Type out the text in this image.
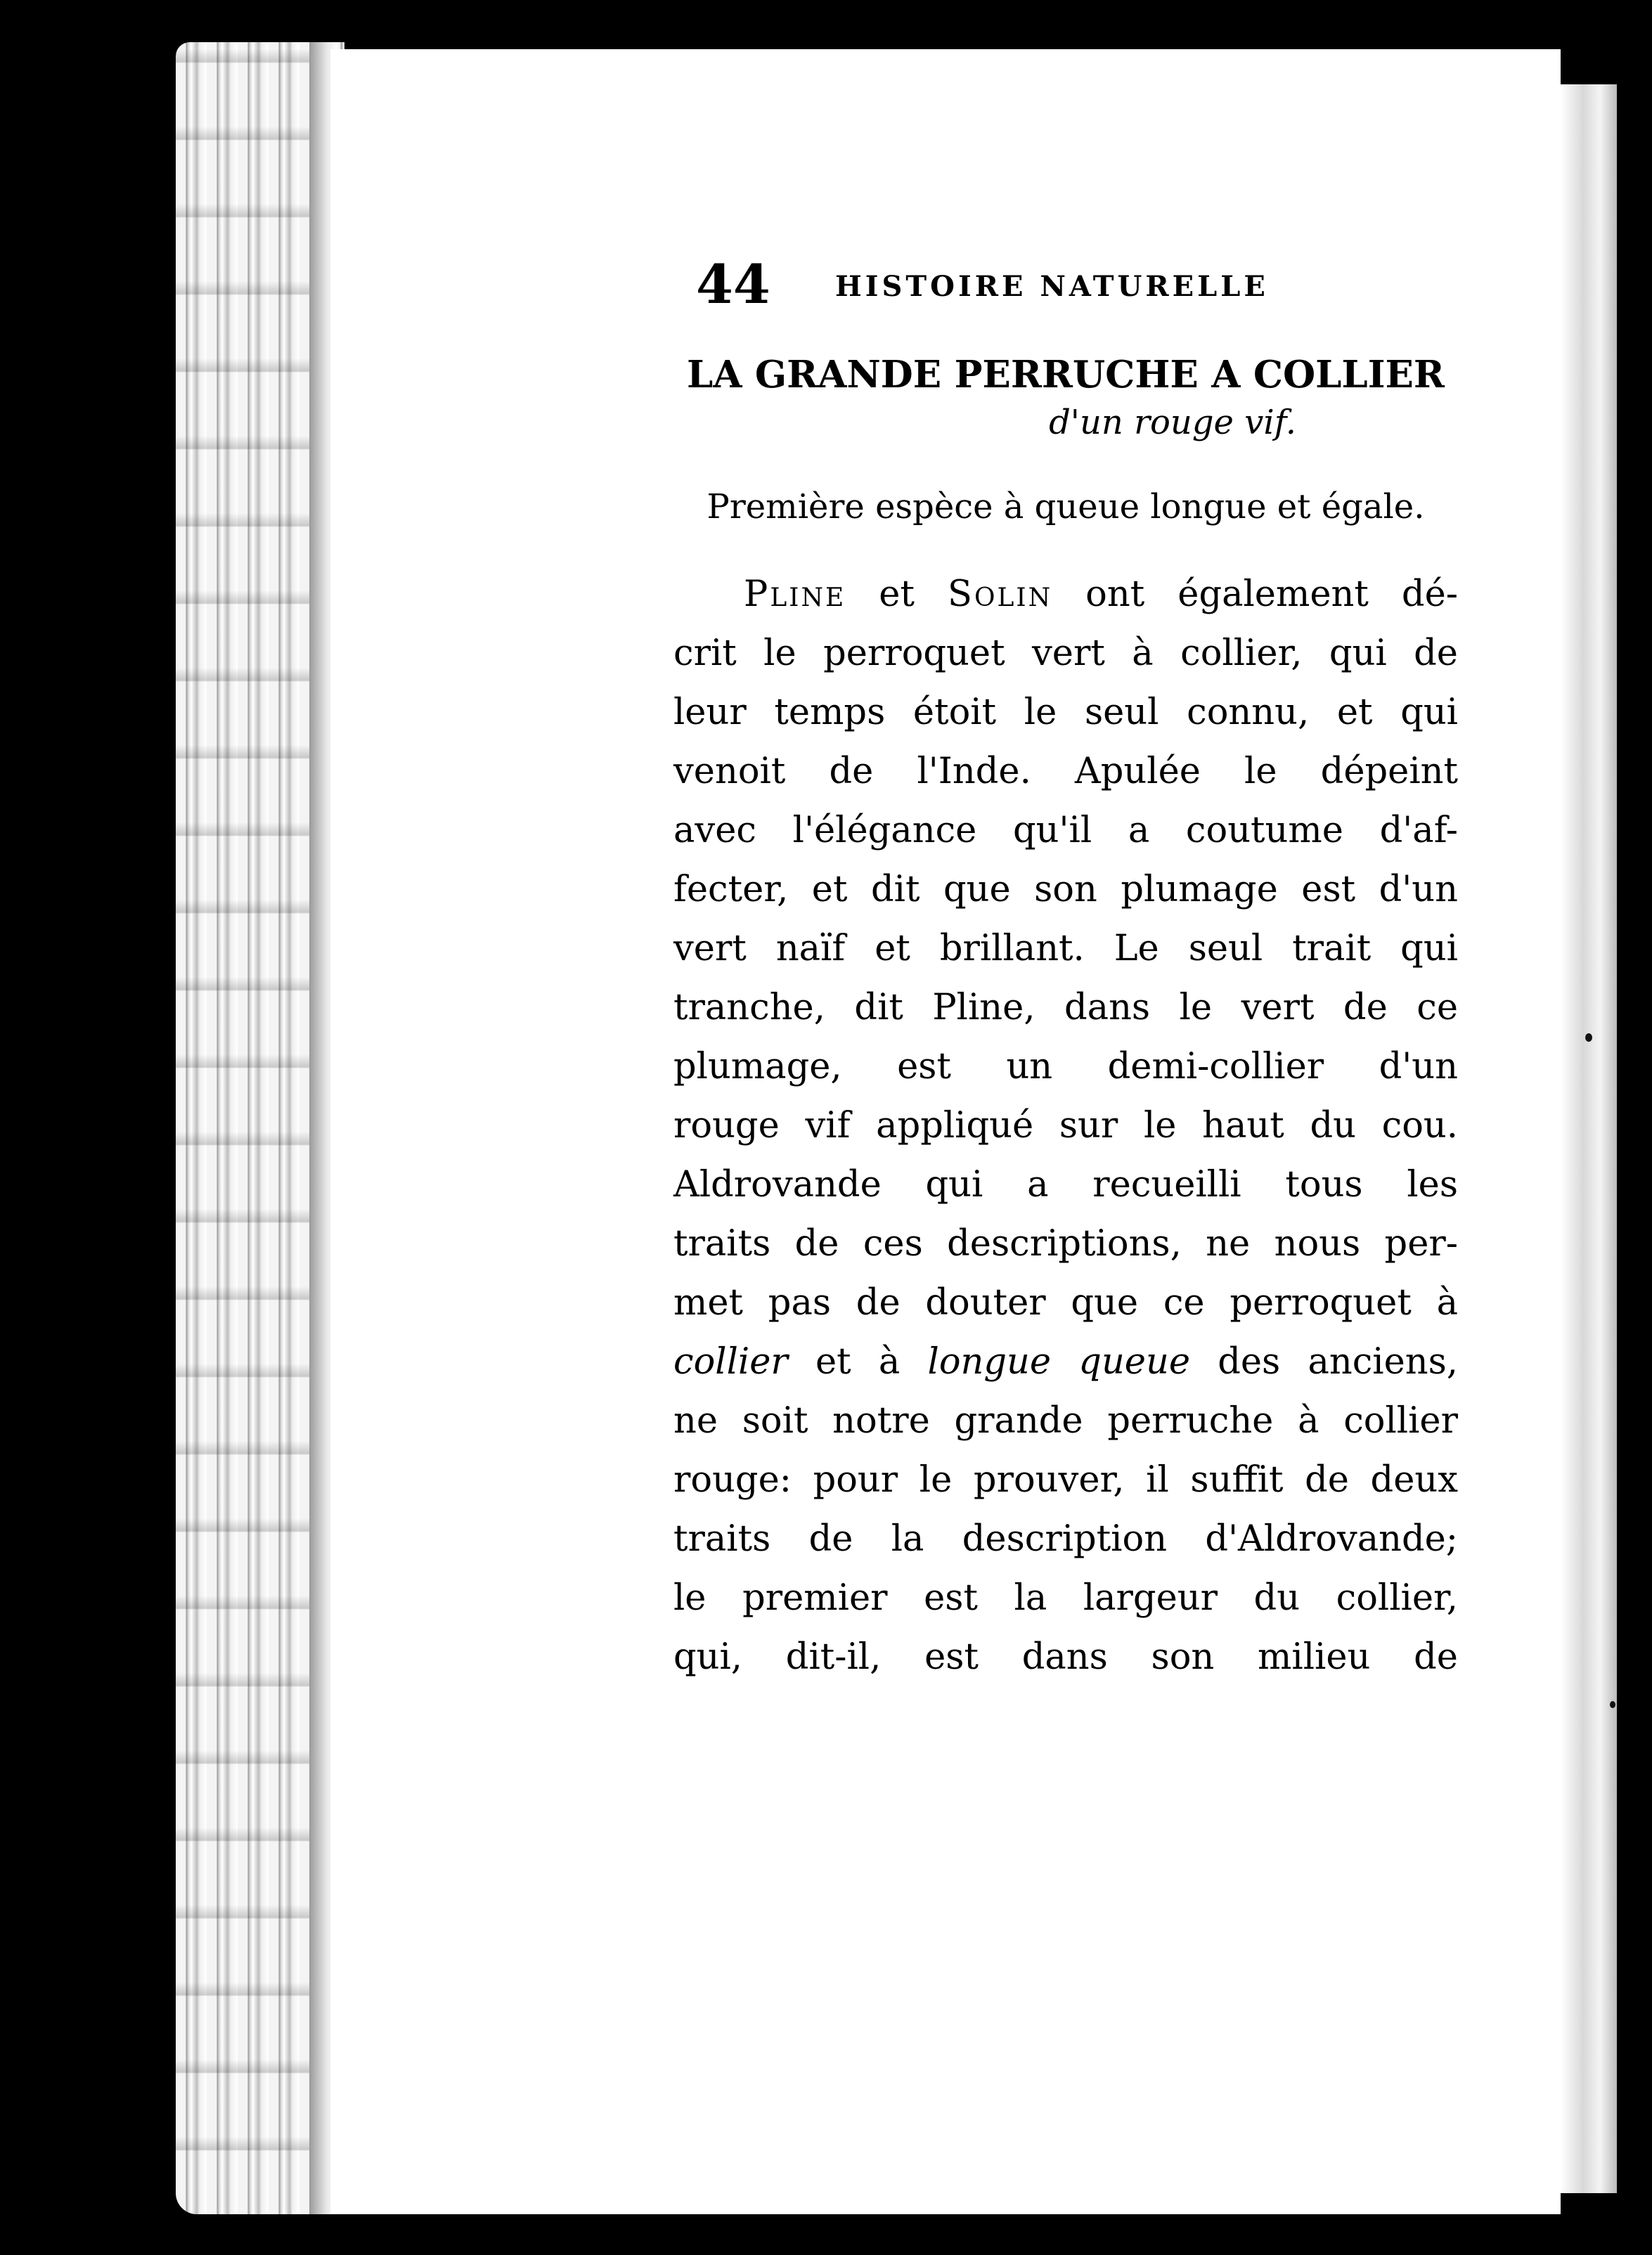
44 HISTOIRE NATURELLE
LA GRANDE PERRUCHE A COLLIER
d'un rouge vif.
Première espèce à queue longue et égale.
Pline et Solin ont également dé-
crit le perroquet vert à collier, qui de
leur temps étoit le seul connu, et qui
venoit de l'Inde. Apulée le dépeint
avec l'élégance qu'il a coutume d'af-
fecter, et dit que son plumage est d'un
vert naïf et brillant. Le seul trait qui
tranche, dit Pline, dans le vert de ce
plumage, est un demi-collier d'un
rouge vif appliqué sur le haut du cou.
Aldrovande qui a recueilli tous les
traits de ces descriptions, ne nous per-
met pas de douter que ce perroquet à
collier et à longue queue des anciens,
ne soit notre grande perruche à collier
rouge: pour le prouver, il suffit de deux
traits de la description d'Aldrovande;
le premier est la largeur du collier,
qui, dit-il, est dans son milieu de
